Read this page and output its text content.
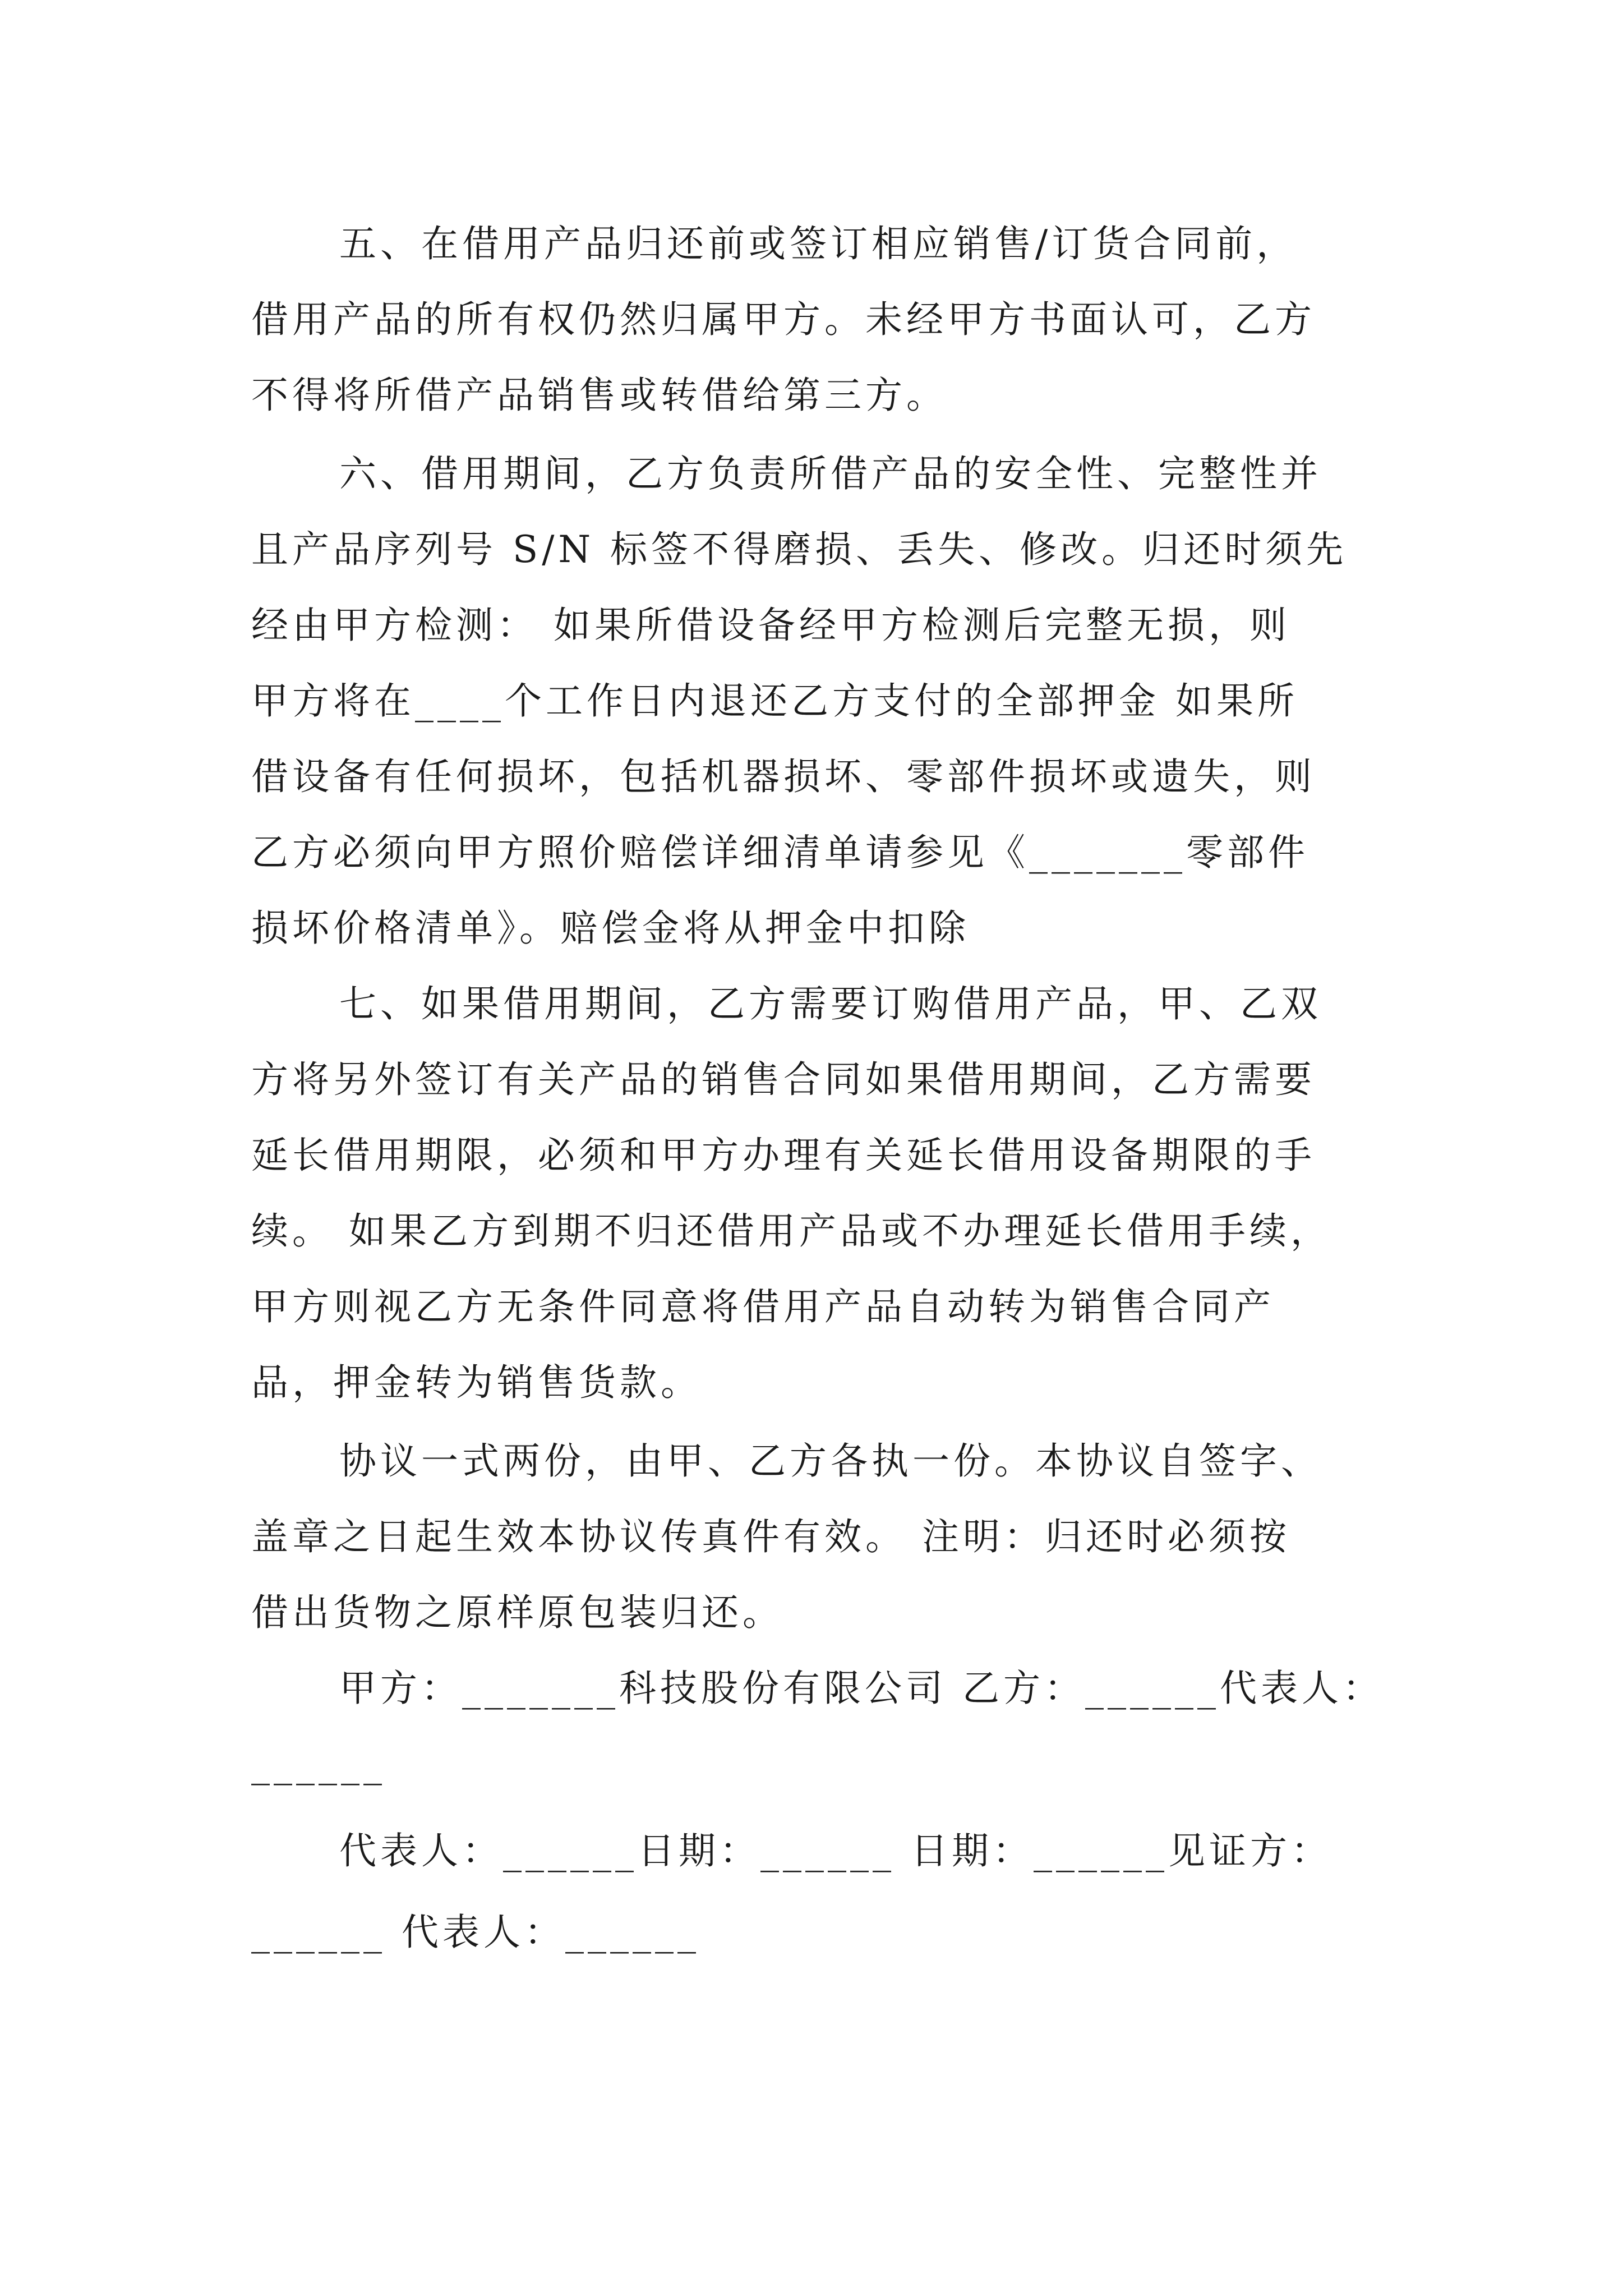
五、在借用产品归还前或签订相应销售/订货合同前，
借用产品的所有权仍然归属甲方。未经甲方书面认可，乙方
不得将所借产品销售或转借给第三方。
六、借用期间，乙方负责所借产品的安全性、完整性并
且产品序列号 S/N 标签不得磨损、丢失、修改。归还时须先
经由甲方检测： 如果所借设备经甲方检测后完整无损，则
甲方将在____个工作日内退还乙方支付的全部押金 如果所
借设备有任何损坏，包括机器损坏、零部件损坏或遗失，则
乙方必须向甲方照价赔偿详细清单请参见《_______零部件
损坏价格清单》。赔偿金将从押金中扣除
七、如果借用期间，乙方需要订购借用产品，甲、乙双
方将另外签订有关产品的销售合同如果借用期间，乙方需要
延长借用期限，必须和甲方办理有关延长借用设备期限的手
续。 如果乙方到期不归还借用产品或不办理延长借用手续，
甲方则视乙方无条件同意将借用产品自动转为销售合同产
品，押金转为销售货款。
协议一式两份，由甲、乙方各执一份。本协议自签字、
盖章之日起生效本协议传真件有效。 注明：归还时必须按
借出货物之原样原包装归还。
甲方：_______科技股份有限公司 乙方：______代表人：
______
代表人：______日期：______ 日期：______见证方：
______ 代表人：______
